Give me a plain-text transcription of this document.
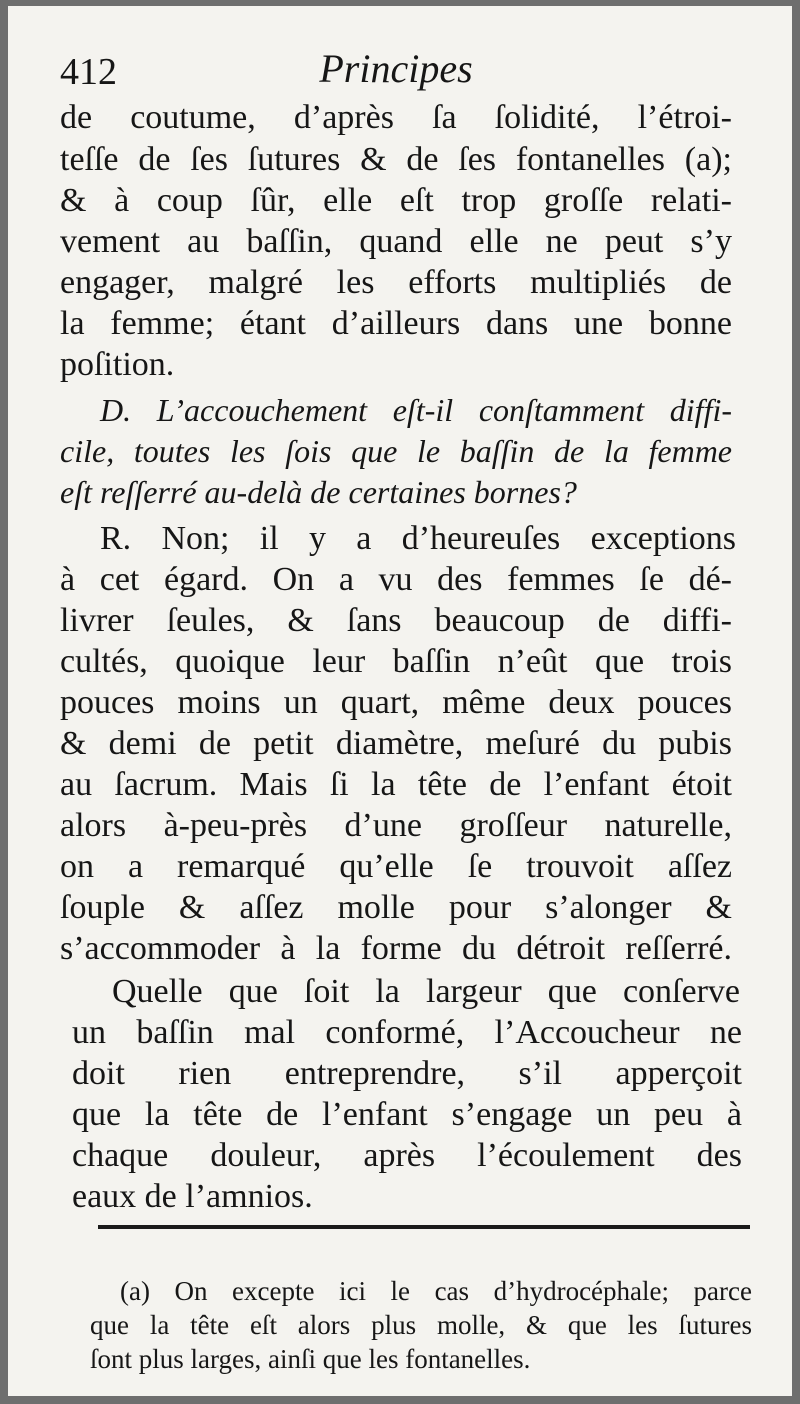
412	Principes
de coutume, d’après ſa ſolidité, l’étroi-
teſſe de ſes ſutures & de ſes fontanelles (a);
& à coup ſûr, elle eſt trop groſſe relati-
vement au baſſin, quand elle ne peut s’y
engager, malgré les efforts multipliés de
la femme; étant d’ailleurs dans une bonne
poſition.
D. L’accouchement eſt-il conſtamment diffi-
cile, toutes les ſois que le baſſin de la femme
eſt reſſerré au-delà de certaines bornes?
R. Non; il y a d’heureuſes exceptions
à cet égard. On a vu des femmes ſe dé-
livrer ſeules, & ſans beaucoup de diffi-
cultés, quoique leur baſſin n’eût que trois
pouces moins un quart, même deux pouces
& demi de petit diamètre, meſuré du pubis
au ſacrum. Mais ſi la tête de l’enfant étoit
alors à-peu-près d’une groſſeur naturelle,
on a remarqué qu’elle ſe trouvoit aſſez
ſouple & aſſez molle pour s’alonger &
s’accommoder à la forme du détroit reſſerré.
Quelle que ſoit la largeur que conſerve
un baſſin mal conformé, l’Accoucheur ne
doit rien entreprendre, s’il apperçoit
que la tête de l’enfant s’engage un peu à
chaque douleur, après l’écoulement des
eaux de l’amnios.
(a) On excepte ici le cas d’hydrocéphale; parce
que la tête eſt alors plus molle, & que les ſutures
ſont plus larges, ainſi que les fontanelles.
